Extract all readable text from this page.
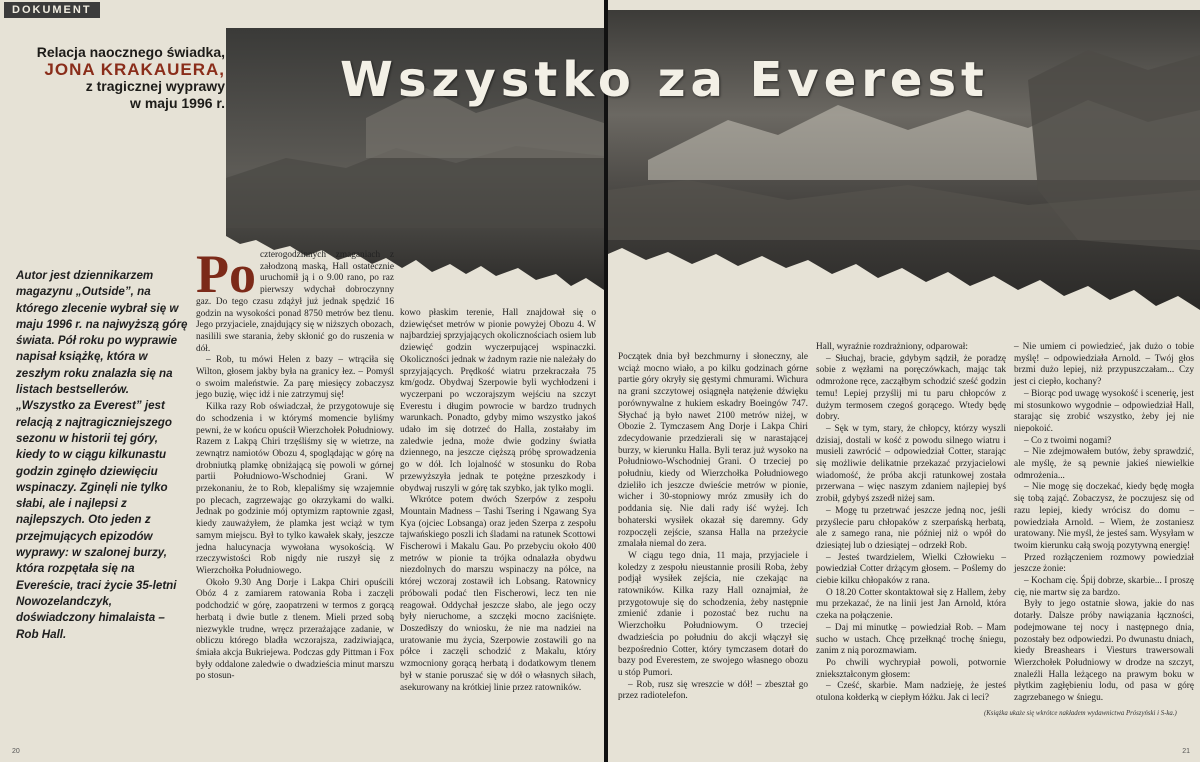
DOKUMENT
Relacja naocznego świadka,
JONA KRAKAUERA,
z tragicznej wyprawy
w maju 1996 r.
Autor jest dziennikarzem magazynu „Outside”, na którego zlecenie wybrał się w maju 1996 r. na najwyższą górę świata. Pół roku po wyprawie napisał książkę, która w zeszłym roku znalazła się na listach bestsellerów. „Wszystko za Everest” jest relacją z najtragiczniejszego sezonu w historii tej góry, kiedy to w ciągu kilkunastu godzin zginęło dziewięciu wspinaczy. Zginęli nie tylko słabi, ale i najlepsi z najlepszych. Oto jeden z przejmujących epizodów wyprawy: w szalonej burzy, która rozpętała się na Evereście, traci życie 35-letni Nowozelandczyk, doświadczony himalaista – Rob Hall.
Po czterogodzinnych zmaganiach z załodzoną maską, Hall ostatecznie uruchomił ją i o 9.00 rano, po raz pierwszy wdychał dobroczynny gaz. Do tego czasu zdążył już jednak spędzić 16 godzin na wysokości ponad 8750 metrów bez tlenu. Jego przyjaciele, znajdujący się w niższych obozach, nasilili swe starania, żeby skłonić go do ruszenia w dół.

– Rob, tu mówi Helen z bazy – wtrąciła się Wilton, głosem jakby była na granicy łez. – Pomyśl o swoim maleństwie. Za parę miesięcy zobaczysz jego buzię, więc idź i nie zatrzymuj się!

Kilka razy Rob oświadczał, że przygotowuje się do schodzenia i w którymś momencie byliśmy pewni, że w końcu opuścił Wierzchołek Południowy. Razem z Lakpą Chiri trzęśliśmy się w wietrze, na zewnątrz namiotów Obozu 4, spoglądając w górę na drobniutką plamkę obniżającą się powoli w górnej partii Południowo-Wschodniej Grani. W przekonaniu, że to Rob, klepaliśmy się wzajemnie po plecach, zagrzewając go okrzykami do walki. Jednak po godzinie mój optymizm raptownie zgasł, kiedy zauważyłem, że plamka jest wciąż w tym samym miejscu. Był to tylko kawałek skały, jeszcze jedna halucynacja wywołana wysokością. W rzeczywistości Rob nigdy nie ruszył się z Wierzchołka Południowego.

Około 9.30 Ang Dorje i Lakpa Chiri opuścili Obóz 4 z zamiarem ratowania Roba i zaczęli podchodzić w górę, zaopatrzeni w termos z gorącą herbatą i dwie butle z tlenem. Mieli przed sobą niezwykle trudne, wręcz przerażające zadanie, w obliczu którego bladła wczorajsza, zadziwiająca, śmiała akcja Bukriejewa. Podczas gdy Pittman i Fox były oddalone zaledwie o dwadzieścia minut marszu po stosun-

kowo płaskim terenie, Hall znajdował się o dziewięćset metrów w pionie powyżej Obozu 4. W najbardziej sprzyjających okolicznościach osiem lub dziewięć godzin wyczerpującej wspinaczki. Okoliczności jednak w żadnym razie nie należały do sprzyjających. Prędkość wiatru przekraczała 75 km/godz. Obydwaj Szerpowie byli wychłodzeni i wyczerpani po wczorajszym wejściu na szczyt Everestu i długim powrocie w bardzo trudnych warunkach. Ponadto, gdyby mimo wszystko jakoś udało im się dotrzeć do Halla, zostałaby im zaledwie jedna, może dwie godziny światła dziennego, na jeszcze cięższą próbę sprowadzenia go w dół. Ich lojalność w stosunku do Roba przewyższyła jednak te potężne przeszkody i obydwaj ruszyli w górę tak szybko, jak tylko mogli.

Wkrótce potem dwóch Szerpów z zespołu Mountain Madness – Tashi Tsering i Ngawang Sya Kya (ojciec Lobsanga) oraz jeden Szerpa z zespołu tajwańskiego poszli ich śladami na ratunek Scottowi Fischerowi i Makalu Gau. Po przebyciu około 400 metrów w pionie ta trójka odnalazła obydwu niezdolnych do marszu wspinaczy na półce, na której wczoraj zostawił ich Lobsang. Ratownicy próbowali podać tlen Fischerowi, lecz ten nie reagował. Oddychał jeszcze słabo, ale jego oczy były nieruchome, a szczęki mocno zaciśnięte. Doszedłszy do wniosku, że nie ma nadziei na uratowanie mu życia, Szerpowie zostawili go na półce i zaczęli schodzić z Makalu, który wzmocniony gorącą herbatą i dodatkowym tlenem był w stanie poruszać się w dół o własnych siłach, asekurowany na krótkiej linie przez ratowników.

20

Początek dnia był bezchmurny i słoneczny, ale wciąż mocno wiało, a po kilku godzinach górne partie góry okryły się gęstymi chmurami. Wichura na grani szczytowej osiągnęła natężenie dźwięku porównywalne z hukiem eskadry Boeingów 747. Słychać ją było nawet 2100 metrów niżej, w Obozie 2. Tymczasem Ang Dorje i Lakpa Chiri zdecydowanie przedzierali się w narastającej burzy, w kierunku Halla. Byli teraz już wysoko na Południowo-Wschodniej Grani. O trzeciej po południu, kiedy od Wierzchołka Południowego dzieliło ich jeszcze dwieście metrów w pionie, wicher i 30-stopniowy mróz zmusiły ich do poddania się. Nie dali rady iść wyżej. Ich bohaterski wysiłek okazał się daremny. Gdy rozpoczęli zejście, szansa Halla na przeżycie zmalała niemal do zera.

W ciągu tego dnia, 11 maja, przyjaciele i koledzy z zespołu nieustannie prosili Roba, żeby podjął wysiłek zejścia, nie czekając na ratowników. Kilka razy Hall oznajmiał, że przygotowuje się do schodzenia, żeby następnie zmienić zdanie i pozostać bez ruchu na Wierzchołku Południowym. O trzeciej dwadzieścia po południu do akcji włączył się bezpośrednio Cotter, który tymczasem dotarł do bazy pod Everestem, ze swojego własnego obozu u stóp Pumori.

– Rob, rusz się wreszcie w dół! – zbeształ go przez radiotelefon.

Hall, wyraźnie rozdrażniony, odparował:

– Słuchaj, bracie, gdybym sądził, że poradzę sobie z węzłami na poręczówkach, mając tak odmrożone ręce, zacząłbym schodzić sześć godzin temu! Lepiej przyślij mi tu paru chłopców z dużym termosem czegoś gorącego. Wtedy będę dobry.

– Sęk w tym, stary, że chłopcy, którzy wyszli dzisiaj, dostali w kość z powodu silnego wiatru i musieli zawrócić – odpowiedział Cotter, starając się możliwie delikatnie przekazać przyjacielowi wiadomość, że próba akcji ratunkowej została przerwana – więc naszym zdaniem najlepiej byś zrobił, gdybyś zszedł niżej sam.

– Mogę tu przetrwać jeszcze jedną noc, jeśli przyślecie paru chłopaków z szerpańską herbatą, ale z samego rana, nie później niż o wpół do dziesiątej lub o dziesiątej – odrzekł Rob.

– Jesteś twardzielem, Wielki Człowieku – powiedział Cotter drżącym głosem. – Poślemy do ciebie kilku chłopaków z rana.

O 18.20 Cotter skontaktował się z Hallem, żeby mu przekazać, że na linii jest Jan Arnold, która czeka na połączenie.

– Daj mi minutkę – powiedział Rob. – Mam sucho w ustach. Chcę przełknąć trochę śniegu, zanim z nią porozmawiam.

Po chwili wychrypiał powoli, potwornie zniekształconym głosem:

– Cześć, skarbie. Mam nadzieję, że jesteś otulona kołderką w ciepłym łóżku. Jak ci leci?

– Nie umiem ci powiedzieć, jak dużo o tobie myślę! – odpowiedziała Arnold. – Twój głos brzmi dużo lepiej, niż przypuszczałam... Czy jest ci ciepło, kochany?

– Biorąc pod uwagę wysokość i scenerię, jest mi stosunkowo wygodnie – odpowiedział Hall, starając się zrobić wszystko, żeby jej nie niepokoić.

– Co z twoimi nogami?

– Nie zdejmowałem butów, żeby sprawdzić, ale myślę, że są pewnie jakieś niewielkie odmrożenia...

– Nie mogę się doczekać, kiedy będę mogła się tobą zająć. Zobaczysz, że poczujesz się od razu lepiej, kiedy wrócisz do domu – powiedziała Arnold. – Wiem, że zostaniesz uratowany. Nie myśl, że jesteś sam. Wysyłam w twoim kierunku całą swoją pozytywną energię!

Przed rozłączeniem rozmowy powiedział jeszcze żonie:

– Kocham cię. Śpij dobrze, skarbie... I proszę cię, nie martw się za bardzo.

Były to jego ostatnie słowa, jakie do nas dotarły. Dalsze próby nawiązania łączności, podejmowane tej nocy i następnego dnia, pozostały bez odpowiedzi. Po dwunastu dniach, kiedy Breashears i Viesturs trawersowali Wierzchołek Południowy w drodze na szczyt, znaleźli Halla leżącego na prawym boku w płytkim zagłębieniu lodu, od pasa w górę zagrzebanego w śniegu.

21
Wszystko za Everest
(Książka ukaże się wkrótce nakładem wydawnictwa Prószyński i S-ka.)
